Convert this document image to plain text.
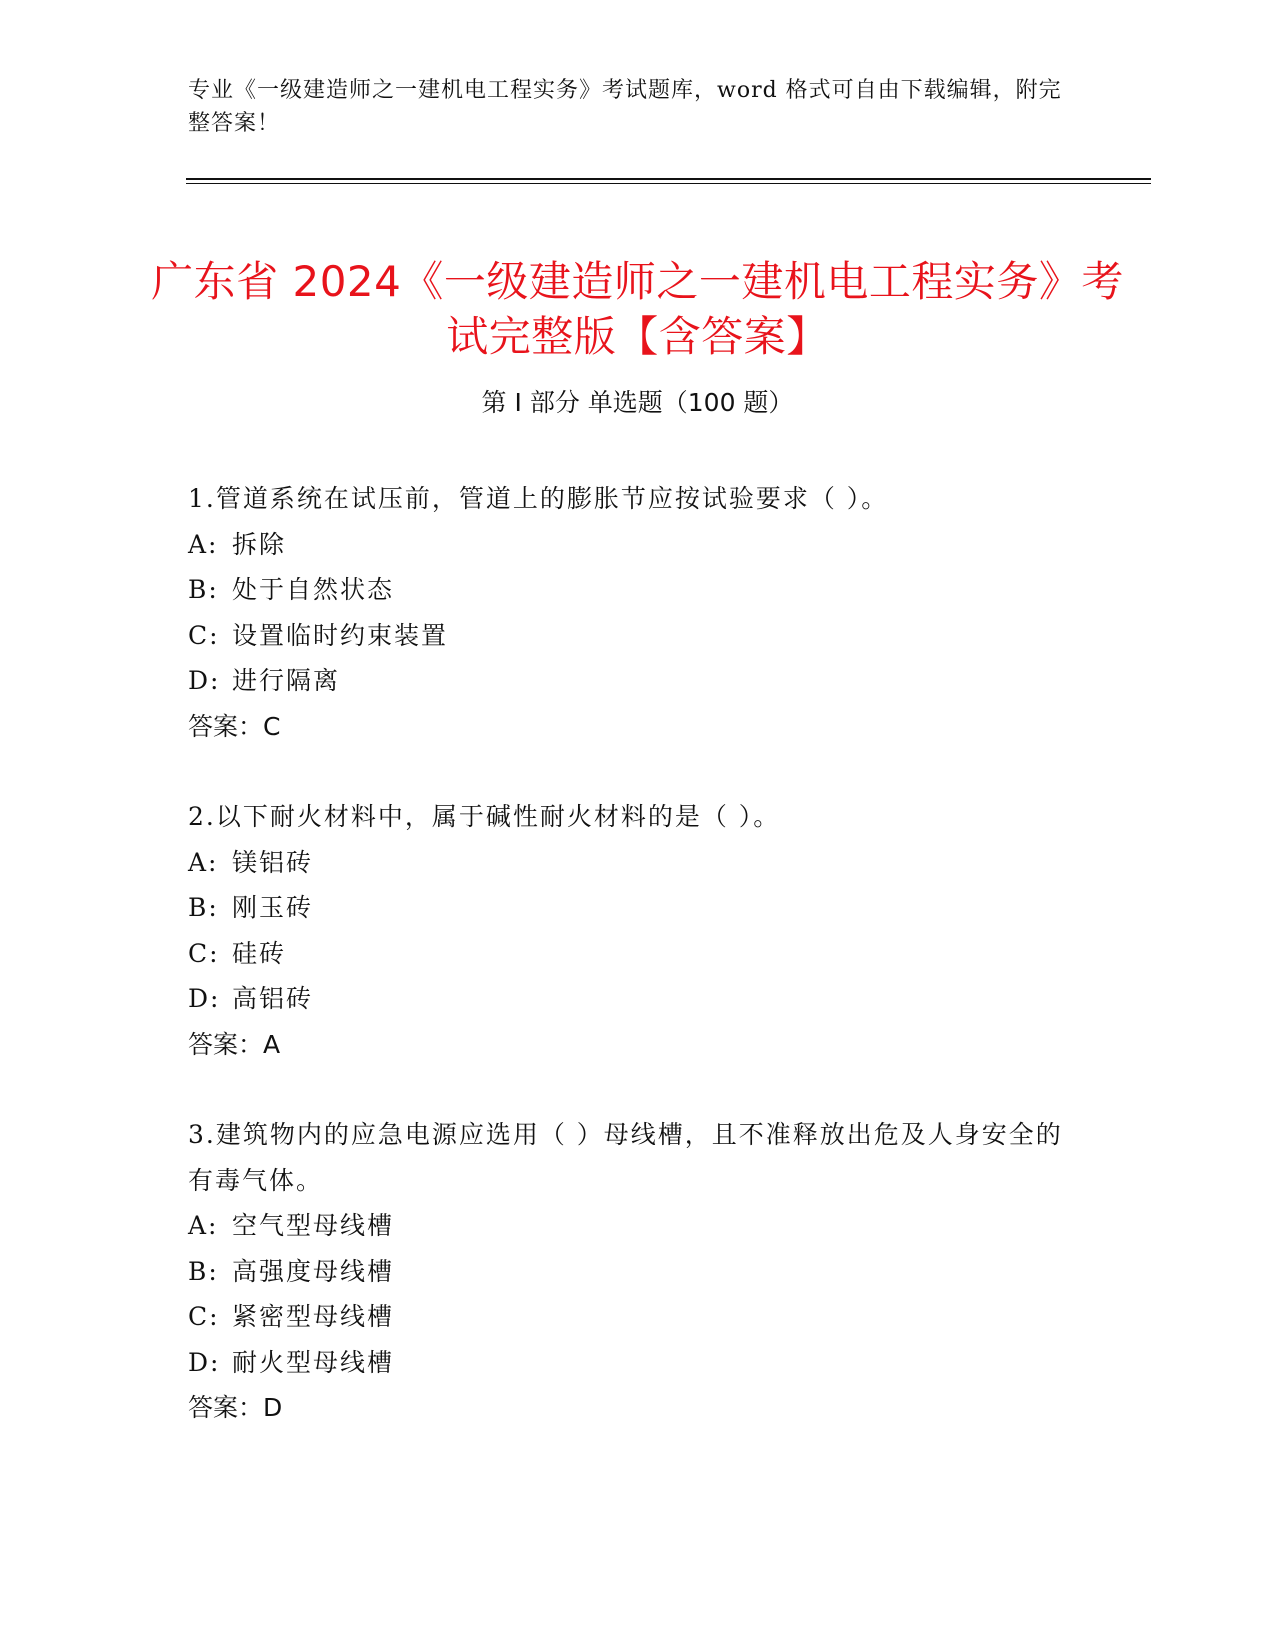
专业《一级建造师之一建机电工程实务》考试题库，word 格式可自由下载编辑，附完整答案！
广东省 2024《一级建造师之一建机电工程实务》考试完整版【含答案】
第 I 部分 单选题（100 题）
1.管道系统在试压前，管道上的膨胀节应按试验要求（ ）。
A: 拆除
B: 处于自然状态
C: 设置临时约束装置
D: 进行隔离
答案：C
2.以下耐火材料中，属于碱性耐火材料的是（ ）。
A: 镁铝砖
B: 刚玉砖
C: 硅砖
D: 高铝砖
答案：A
3.建筑物内的应急电源应选用（ ）母线槽，且不准释放出危及人身安全的有毒气体。
A: 空气型母线槽
B: 高强度母线槽
C: 紧密型母线槽
D: 耐火型母线槽
答案：D
